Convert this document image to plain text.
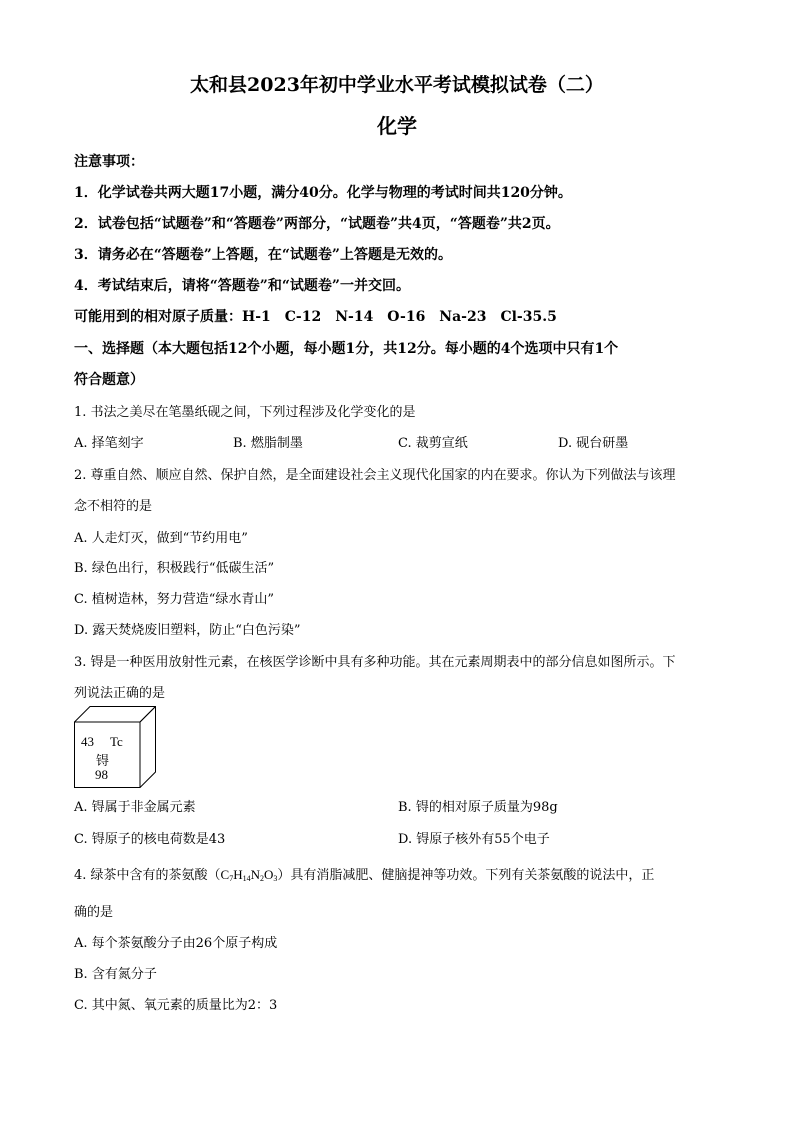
太和县2023年初中学业水平考试模拟试卷（二）
化学
注意事项：
1．化学试卷共两大题17小题，满分40分。化学与物理的考试时间共120分钟。
2．试卷包括“试题卷”和“答题卷”两部分，“试题卷”共4页，“答题卷”共2页。
3．请务必在“答题卷”上答题，在“试题卷”上答题是无效的。
4．考试结束后，请将“答题卷”和“试题卷”一并交回。
可能用到的相对原子质量：H-1　C-12　N-14　O-16　Na-23　Cl-35.5
一、选择题（本大题包括12个小题，每小题1分，共12分。每小题的4个选项中只有1个
符合题意）
1. 书法之美尽在笔墨纸砚之间，下列过程涉及化学变化的是
A. 择笔刻字	B. 燃脂制墨	C. 裁剪宣纸	D. 砚台研墨
2. 尊重自然、顺应自然、保护自然，是全面建设社会主义现代化国家的内在要求。你认为下列做法与该理
念不相符的是
A. 人走灯灭，做到“节约用电”
B. 绿色出行，积极践行“低碳生活”
C. 植树造林，努力营造“绿水青山”
D. 露天焚烧废旧塑料，防止“白色污染”
3. 锝是一种医用放射性元素，在核医学诊断中具有多种功能。其在元素周期表中的部分信息如图所示。下
列说法正确的是
43 Tc
锝
98
A. 锝属于非金属元素	B. 锝的相对原子质量为98g
C. 锝原子的核电荷数是43	D. 锝原子核外有55个电子
4. 绿茶中含有的茶氨酸$(C_7H_{14}N_2O_3)$具有消脂减肥、健脑提神等功效。下列有关茶氨酸的说法中，正
确的是
A. 每个茶氨酸分子由26个原子构成
B. 含有氮分子
C. 其中氮、氧元素的质量比为2：3
